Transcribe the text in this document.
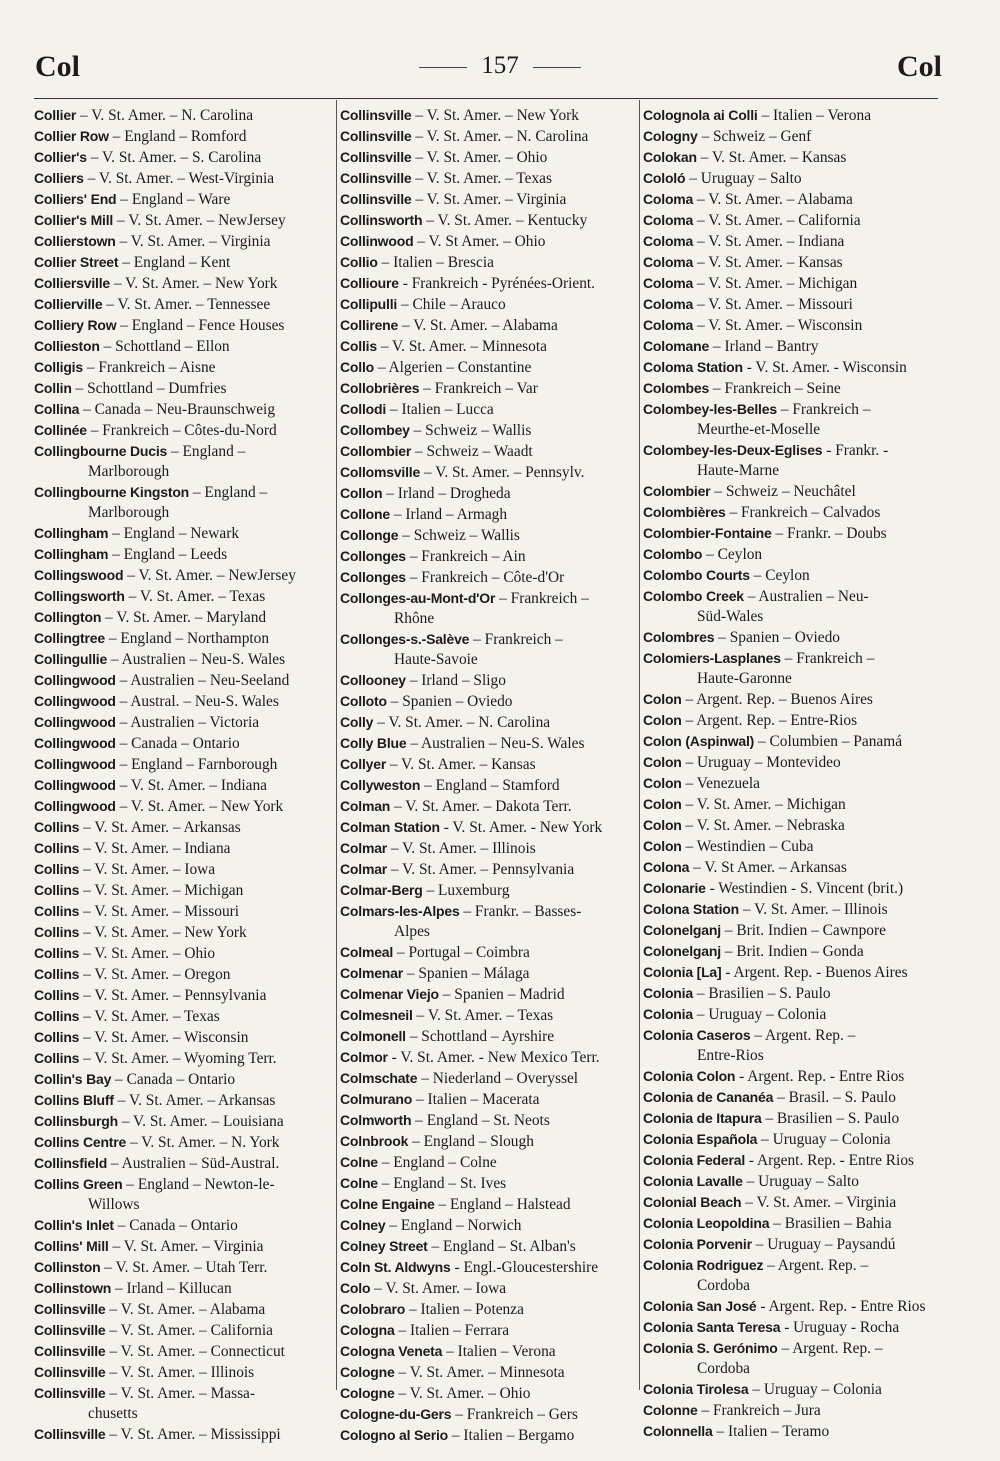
Col	157	Col
Collier – V. St. Amer. – N. Carolina
Collier Row – England – Romford
Collier's – V. St. Amer. – S. Carolina
Colliers – V. St. Amer. – West-Virginia
Colliers' End – England – Ware
Collier's Mill – V. St. Amer. – NewJersey
Collierstown – V. St. Amer. – Virginia
Collier Street – England – Kent
Colliersville – V. St. Amer. – New York
Collierville – V. St. Amer. – Tennessee
Colliery Row – England – Fence Houses
Collieston – Schottland – Ellon
Colligis – Frankreich – Aisne
Collin – Schottland – Dumfries
Collina – Canada – Neu-Braunschweig
Collinée – Frankreich – Côtes-du-Nord
Collingbourne Ducis – England –
Marlborough
Collingbourne Kingston – England –
Marlborough
Collingham – England – Newark
Collingham – England – Leeds
Collingswood – V. St. Amer. – NewJersey
Collingsworth – V. St. Amer. – Texas
Collington – V. St. Amer. – Maryland
Collingtree – England – Northampton
Collingullie – Australien – Neu-S. Wales
Collingwood – Australien – Neu-Seeland
Collingwood – Austral. – Neu-S. Wales
Collingwood – Australien – Victoria
Collingwood – Canada – Ontario
Collingwood – England – Farnborough
Collingwood – V. St. Amer. – Indiana
Collingwood – V. St. Amer. – New York
Collins – V. St. Amer. – Arkansas
Collins – V. St. Amer. – Indiana
Collins – V. St. Amer. – Iowa
Collins – V. St. Amer. – Michigan
Collins – V. St. Amer. – Missouri
Collins – V. St. Amer. – New York
Collins – V. St. Amer. – Ohio
Collins – V. St. Amer. – Oregon
Collins – V. St. Amer. – Pennsylvania
Collins – V. St. Amer. – Texas
Collins – V. St. Amer. – Wisconsin
Collins – V. St. Amer. – Wyoming Terr.
Collin's Bay – Canada – Ontario
Collins Bluff – V. St. Amer. – Arkansas
Collinsburgh – V. St. Amer. – Louisiana
Collins Centre – V. St. Amer. – N. York
Collinsfield – Australien – Süd-Austral.
Collins Green – England – Newton-le-
Willows
Collin's Inlet – Canada – Ontario
Collins' Mill – V. St. Amer. – Virginia
Collinston – V. St. Amer. – Utah Terr.
Collinstown – Irland – Killucan
Collinsville – V. St. Amer. – Alabama
Collinsville – V. St. Amer. – California
Collinsville – V. St. Amer. – Connecticut
Collinsville – V. St. Amer. – Illinois
Collinsville – V. St. Amer. – Massa-
chusetts
Collinsville – V. St. Amer. – Mississippi
Collinsville – V. St. Amer. – New York
Collinsville – V. St. Amer. – N. Carolina
Collinsville – V. St. Amer. – Ohio
Collinsville – V. St. Amer. – Texas
Collinsville – V. St. Amer. – Virginia
Collinsworth – V. St. Amer. – Kentucky
Collinwood – V. St Amer. – Ohio
Collio – Italien – Brescia
Collioure - Frankreich - Pyrénées-Orient.
Collipulli – Chile – Arauco
Collirene – V. St. Amer. – Alabama
Collis – V. St. Amer. – Minnesota
Collo – Algerien – Constantine
Collobrières – Frankreich – Var
Collodi – Italien – Lucca
Collombey – Schweiz – Wallis
Collombier – Schweiz – Waadt
Collomsville – V. St. Amer. – Pennsylv.
Collon – Irland – Drogheda
Collone – Irland – Armagh
Collonge – Schweiz – Wallis
Collonges – Frankreich – Ain
Collonges – Frankreich – Côte-d'Or
Collonges-au-Mont-d'Or – Frankreich –
Rhône
Collonges-s.-Salève – Frankreich –
Haute-Savoie
Collooney – Irland – Sligo
Colloto – Spanien – Oviedo
Colly – V. St. Amer. – N. Carolina
Colly Blue – Australien – Neu-S. Wales
Collyer – V. St. Amer. – Kansas
Collyweston – England – Stamford
Colman – V. St. Amer. – Dakota Terr.
Colman Station - V. St. Amer. - New York
Colmar – V. St. Amer. – Illinois
Colmar – V. St. Amer. – Pennsylvania
Colmar-Berg – Luxemburg
Colmars-les-Alpes – Frankr. – Basses-
Alpes
Colmeal – Portugal – Coimbra
Colmenar – Spanien – Málaga
Colmenar Viejo – Spanien – Madrid
Colmesneil – V. St. Amer. – Texas
Colmonell – Schottland – Ayrshire
Colmor - V. St. Amer. - New Mexico Terr.
Colmschate – Niederland – Overyssel
Colmurano – Italien – Macerata
Colmworth – England – St. Neots
Colnbrook – England – Slough
Colne – England – Colne
Colne – England – St. Ives
Colne Engaine – England – Halstead
Colney – England – Norwich
Colney Street – England – St. Alban's
Coln St. Aldwyns - Engl.-Gloucestershire
Colo – V. St. Amer. – Iowa
Colobraro – Italien – Potenza
Cologna – Italien – Ferrara
Cologna Veneta – Italien – Verona
Cologne – V. St. Amer. – Minnesota
Cologne – V. St. Amer. – Ohio
Cologne-du-Gers – Frankreich – Gers
Cologno al Serio – Italien – Bergamo
Colognola ai Colli – Italien – Verona
Cologny – Schweiz – Genf
Colokan – V. St. Amer. – Kansas
Cololó – Uruguay – Salto
Coloma – V. St. Amer. – Alabama
Coloma – V. St. Amer. – California
Coloma – V. St. Amer. – Indiana
Coloma – V. St. Amer. – Kansas
Coloma – V. St. Amer. – Michigan
Coloma – V. St. Amer. – Missouri
Coloma – V. St. Amer. – Wisconsin
Colomane – Irland – Bantry
Coloma Station - V. St. Amer. - Wisconsin
Colombes – Frankreich – Seine
Colombey-les-Belles – Frankreich –
Meurthe-et-Moselle
Colombey-les-Deux-Eglises - Frankr. -
Haute-Marne
Colombier – Schweiz – Neuchâtel
Colombières – Frankreich – Calvados
Colombier-Fontaine – Frankr. – Doubs
Colombo – Ceylon
Colombo Courts – Ceylon
Colombo Creek – Australien – Neu-
Süd-Wales
Colombres – Spanien – Oviedo
Colomiers-Lasplanes – Frankreich –
Haute-Garonne
Colon – Argent. Rep. – Buenos Aires
Colon – Argent. Rep. – Entre-Rios
Colon (Aspinwal) – Columbien – Panamá
Colon – Uruguay – Montevideo
Colon – Venezuela
Colon – V. St. Amer. – Michigan
Colon – V. St. Amer. – Nebraska
Colon – Westindien – Cuba
Colona – V. St Amer. – Arkansas
Colonarie - Westindien - S. Vincent (brit.)
Colona Station – V. St. Amer. – Illinois
Colonelganj – Brit. Indien – Cawnpore
Colonelganj – Brit. Indien – Gonda
Colonia [La] - Argent. Rep. - Buenos Aires
Colonia – Brasilien – S. Paulo
Colonia – Uruguay – Colonia
Colonia Caseros – Argent. Rep. –
Entre-Rios
Colonia Colon - Argent. Rep. - Entre Rios
Colonia de Cananéa – Brasil. – S. Paulo
Colonia de Itapura – Brasilien – S. Paulo
Colonia Española – Uruguay – Colonia
Colonia Federal - Argent. Rep. - Entre Rios
Colonia Lavalle – Uruguay – Salto
Colonial Beach – V. St. Amer. – Virginia
Colonia Leopoldina – Brasilien – Bahia
Colonia Porvenir – Uruguay – Paysandú
Colonia Rodriguez – Argent. Rep. –
Cordoba
Colonia San José - Argent. Rep. - Entre Rios
Colonia Santa Teresa - Uruguay - Rocha
Colonia S. Gerónimo – Argent. Rep. –
Cordoba
Colonia Tirolesa – Uruguay – Colonia
Colonne – Frankreich – Jura
Colonnella – Italien – Teramo
